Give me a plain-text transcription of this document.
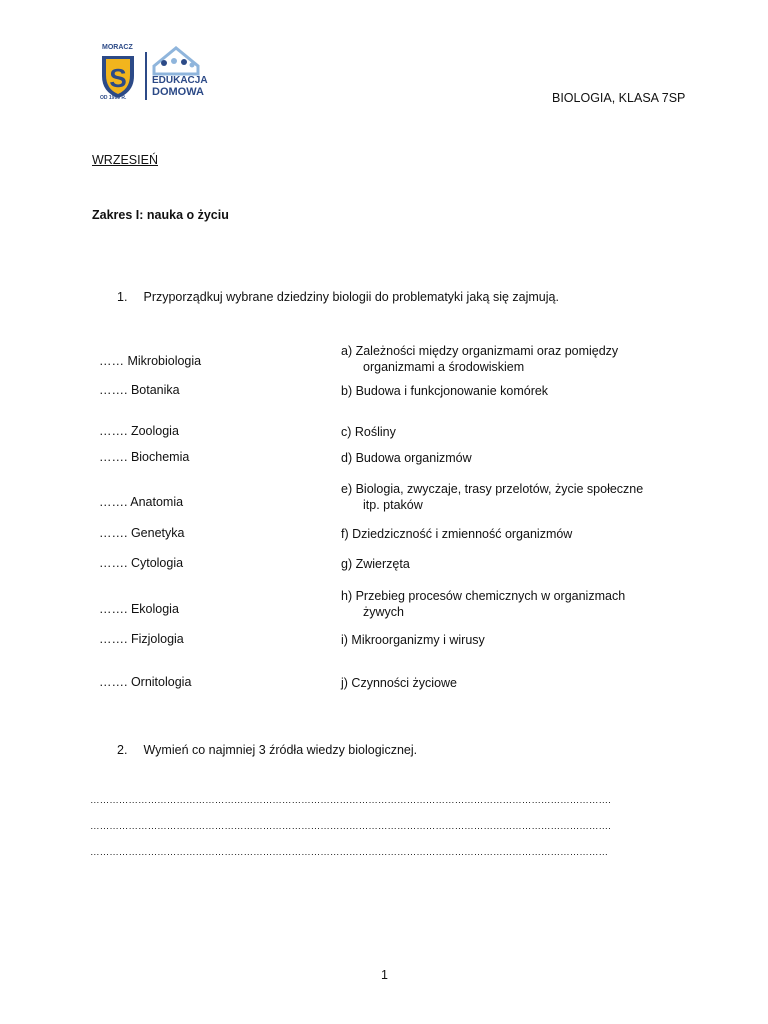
S
MORACZ
OD 1999 R.
EDUKACJA
DOMOWA	BIOLOGIA, KLASA 7SP
WRZESIEŃ
Zakres I: nauka o życiu
1. Przyporządkuj wybrane dziedziny biologii do problematyki jaką się zajmują.
…… Mikrobiologia
……. Botanika
……. Zoologia
……. Biochemia
……. Anatomia
……. Genetyka
……. Cytologia
……. Ekologia
……. Fizjologia
……. Ornitologia
a) Zależności między organizmami oraz pomiędzy
organizmami a środowiskiem
b) Budowa i funkcjonowanie komórek
c) Rośliny
d) Budowa organizmów
e) Biologia, zwyczaje, trasy przelotów, życie społeczne
itp. ptaków
f) Dziedziczność i zmienność organizmów
g) Zwierzęta
h) Przebieg procesów chemicznych w organizmach
żywych
i) Mikroorganizmy i wirusy
j) Czynności życiowe
2. Wymień co najmniej 3 źródła wiedzy biologicznej.
……………………………………………………………………………………………………………………………………………….
……………………………………………………………………………………………………………………………………………….
………………………………………………………………………………………………………………………………………………
1
